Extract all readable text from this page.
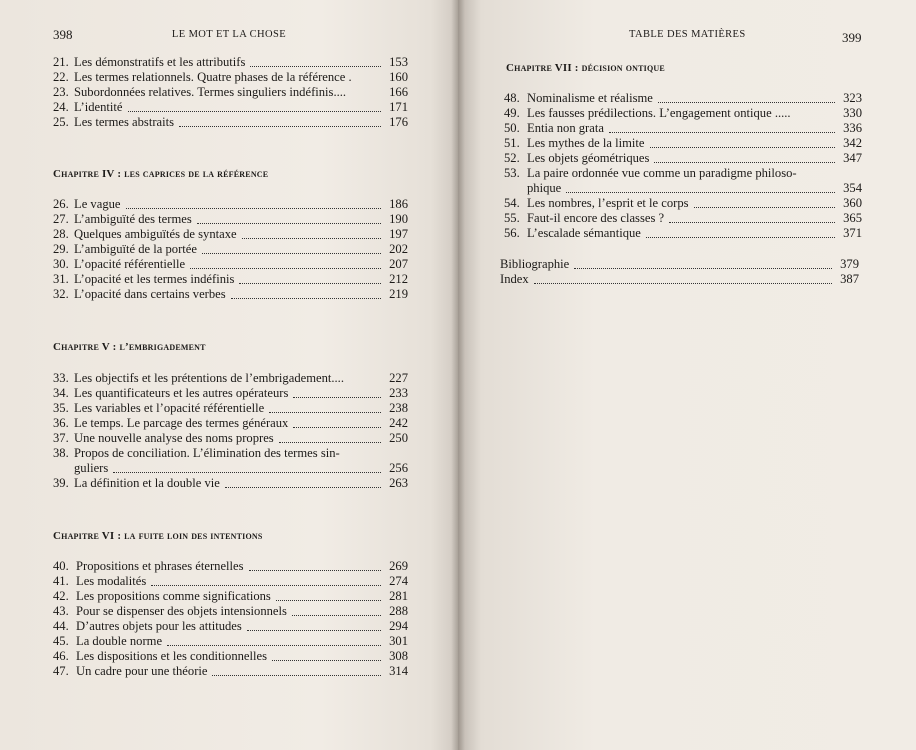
398	LE MOT ET LA CHOSE
21. Les démonstratifs et les attributifs	153
22. Les termes relationnels. Quatre phases de la référence .	160
23. Subordonnées relatives. Termes singuliers indéfinis....	166
24. L’identité	171
25. Les termes abstraits	176
Chapitre IV : les caprices de la référence
26. Le vague	186
27. L’ambiguïté des termes	190
28. Quelques ambiguïtés de syntaxe	197
29. L’ambiguïté de la portée	202
30. L’opacité référentielle	207
31. L’opacité et les termes indéfinis	212
32. L’opacité dans certains verbes	219
Chapitre V : l’embrigadement
33. Les objectifs et les prétentions de l’embrigadement....	227
34. Les quantificateurs et les autres opérateurs	233
35. Les variables et l’opacité référentielle	238
36. Le temps. Le parcage des termes généraux	242
37. Une nouvelle analyse des noms propres	250
38. Propos de conciliation. L’élimination des termes sin-
guliers	256
39. La définition et la double vie	263
Chapitre VI : la fuite loin des intentions
40. Propositions et phrases éternelles	269
41. Les modalités	274
42. Les propositions comme significations	281
43. Pour se dispenser des objets intensionnels	288
44. D’autres objets pour les attitudes	294
45. La double norme	301
46. Les dispositions et les conditionnelles	308
47. Un cadre pour une théorie	314
TABLE DES MATIÈRES	399
Chapitre VII : décision ontique
48. Nominalisme et réalisme	323
49. Les fausses prédilections. L’engagement ontique .....	330
50. Entia non grata	336
51. Les mythes de la limite	342
52. Les objets géométriques	347
53. La paire ordonnée vue comme un paradigme philoso-
phique	354
54. Les nombres, l’esprit et le corps	360
55. Faut-il encore des classes ?	365
56. L’escalade sémantique	371
Bibliographie	379
Index	387
